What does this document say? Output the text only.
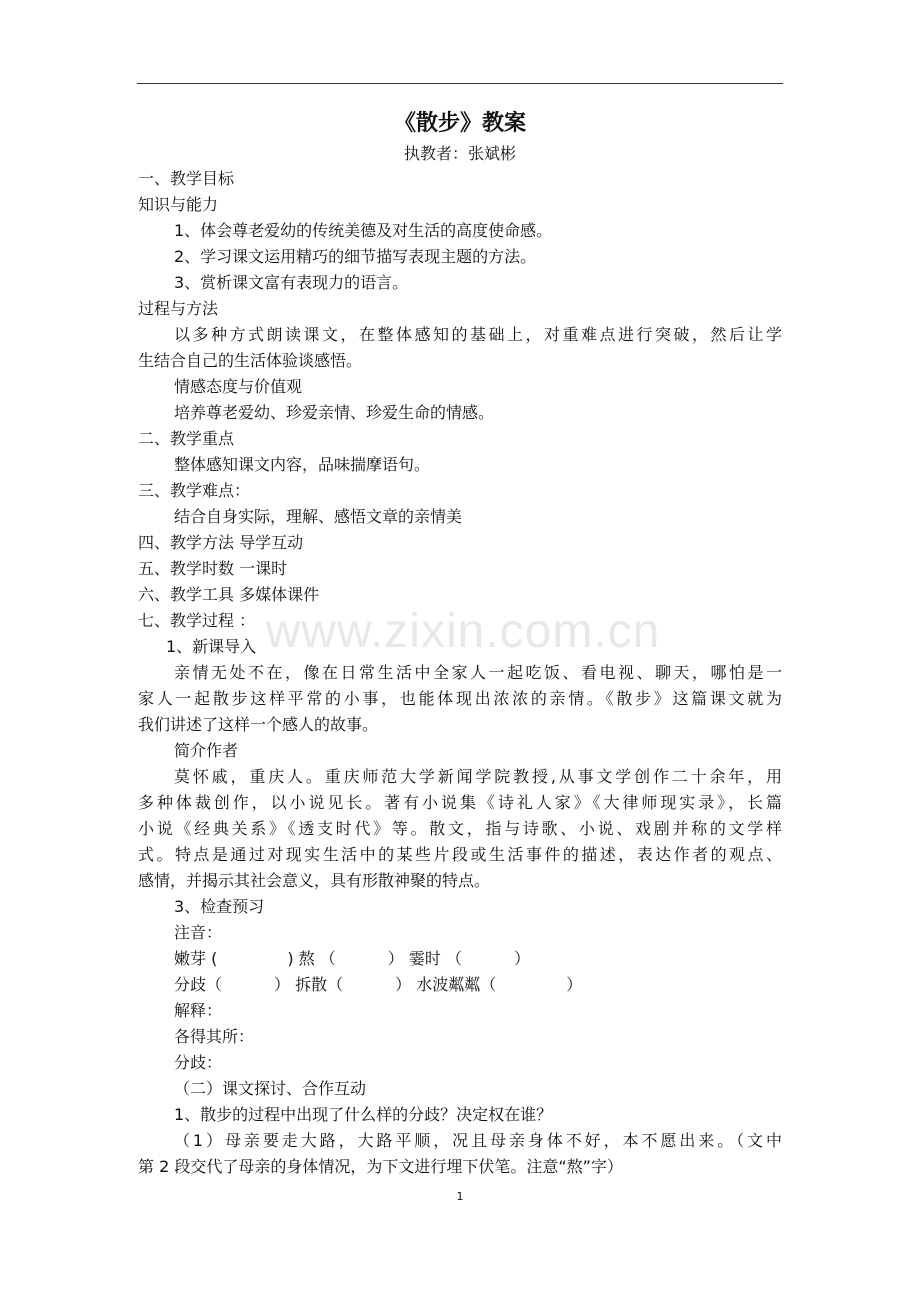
《散步》教案
执教者：张斌彬
一、教学目标
知识与能力
1、体会尊老爱幼的传统美德及对生活的高度使命感。
2、学习课文运用精巧的细节描写表现主题的方法。
3、赏析课文富有表现力的语言。
过程与方法
以多种方式朗读课文，在整体感知的基础上，对重难点进行突破，然后让学
生结合自己的生活体验谈感悟。
情感态度与价值观
培养尊老爱幼、珍爱亲情、珍爱生命的情感。
二、教学重点
整体感知课文内容，品味揣摩语句。
三、教学难点：
结合自身实际，理解、感悟文章的亲情美
四、教学方法 导学互动
五、教学时数 一课时
六、教学工具 多媒体课件
七、教学过程 ：
1、新课导入
亲情无处不在，像在日常生活中全家人一起吃饭、看电视、聊天，哪怕是一
家人一起散步这样平常的小事，也能体现出浓浓的亲情。《散步》这篇课文就为
我们讲述了这样一个感人的故事。
简介作者
莫怀戚，重庆人。重庆师范大学新闻学院教授,从事文学创作二十余年，用
多种体裁创作，以小说见长。著有小说集《诗礼人家》《大律师现实录》，长篇
小说《经典关系》《透支时代》等。散文，指与诗歌、小说、戏剧并称的文学样
式。特点是通过对现实生活中的某些片段或生活事件的描述，表达作者的观点、
感情，并揭示其社会意义，具有形散神聚的特点。
3、检查预习
注音：
嫩芽 (	) 熬 （	） 霎时 （	）
分歧（	） 拆散（	） 水波粼粼（	）
解释：
各得其所：
分歧：
（二）课文探讨、合作互动
1、散步的过程中出现了什么样的分歧？决定权在谁？
（1）母亲要走大路，大路平顺，况且母亲身体不好，本不愿出来。（文中
第 2 段交代了母亲的身体情况，为下文进行埋下伏笔。注意“熬”字）
www.zixin.com.cn
1
